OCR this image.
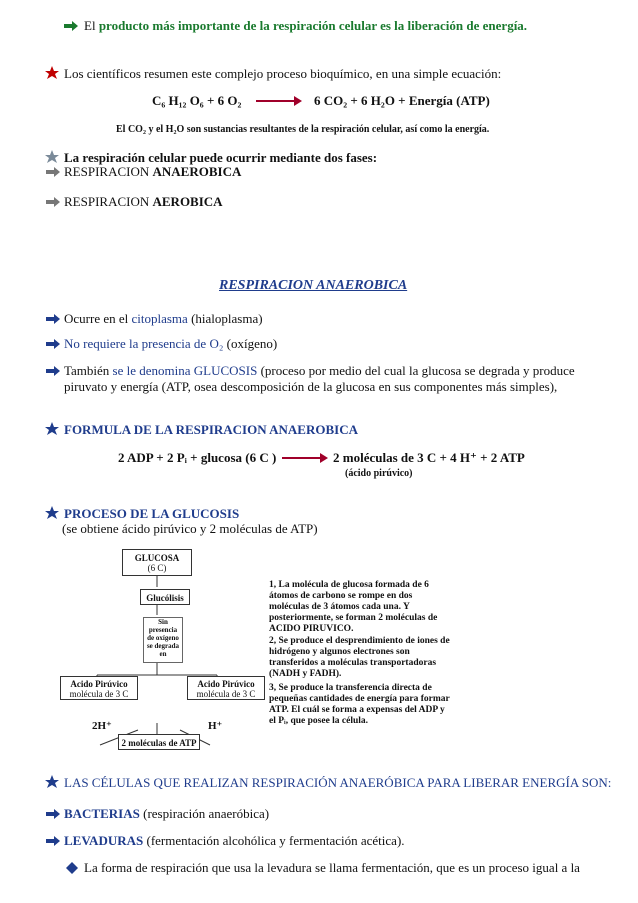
El producto más importante de la respiración celular es la liberación de energía.
Los científicos resumen este complejo proceso bioquímico, en una simple ecuación:
C₆ H₁₂ O₆ + 6 O₂ → 6 CO₂ + 6 H₂O + Energía (ATP)
El CO₂ y el H₂O son sustancias resultantes de la respiración celular, así como la energía.
La respiración celular puede ocurrir mediante dos fases:
RESPIRACION ANAEROBICA
RESPIRACION AEROBICA
RESPIRACION ANAEROBICA
Ocurre en el citoplasma (hialoplasma)
No requiere la presencia de O₂ (oxígeno)
También se le denomina GLUCOSIS (proceso por medio del cual la glucosa se degrada y produce
piruvato y energía (ATP, osea descomposición de la glucosa en sus componentes más simples),
FORMULA DE LA RESPIRACION ANAEROBICA
2 ADP + 2 Pᵢ + glucosa (6 C ) → 2 moléculas de 3 C + 4 H⁺ + 2 ATP
(ácido pirúvico)
PROCESO DE LA GLUCOSIS
(se obtiene ácido pirúvico y 2 moléculas de ATP)
GLUCOSA
(6 C)
Glucólisis
Sin
presencia
de oxígeno
se degrada
en
Acido Pirúvico
molécula de 3 C
Acido Pirúvico
molécula de 3 C
2H⁺	H⁺
2 moléculas de ATP
1, La molécula de glucosa formada de 6
átomos de carbono se rompe en dos
moléculas de 3 átomos cada una. Y
posteriormente, se forman 2 moléculas de
ACIDO PIRUVICO.
2, Se produce el desprendimiento de iones de
hidrógeno y algunos electrones son
transferidos a moléculas transportadoras
(NADH y FADH).
3, Se produce la transferencia directa de
pequeñas cantidades de energía para formar
ATP. El cuál se forma a expensas del ADP y
el Pᵢ, que posee la célula.
LAS CÉLULAS QUE REALIZAN RESPIRACIÓN ANAERÓBICA PARA LIBERAR ENERGÍA SON:
BACTERIAS (respiración anaeróbica)
LEVADURAS (fermentación alcohólica y fermentación acética).
La forma de respiración que usa la levadura se llama fermentación, que es un proceso igual a la
